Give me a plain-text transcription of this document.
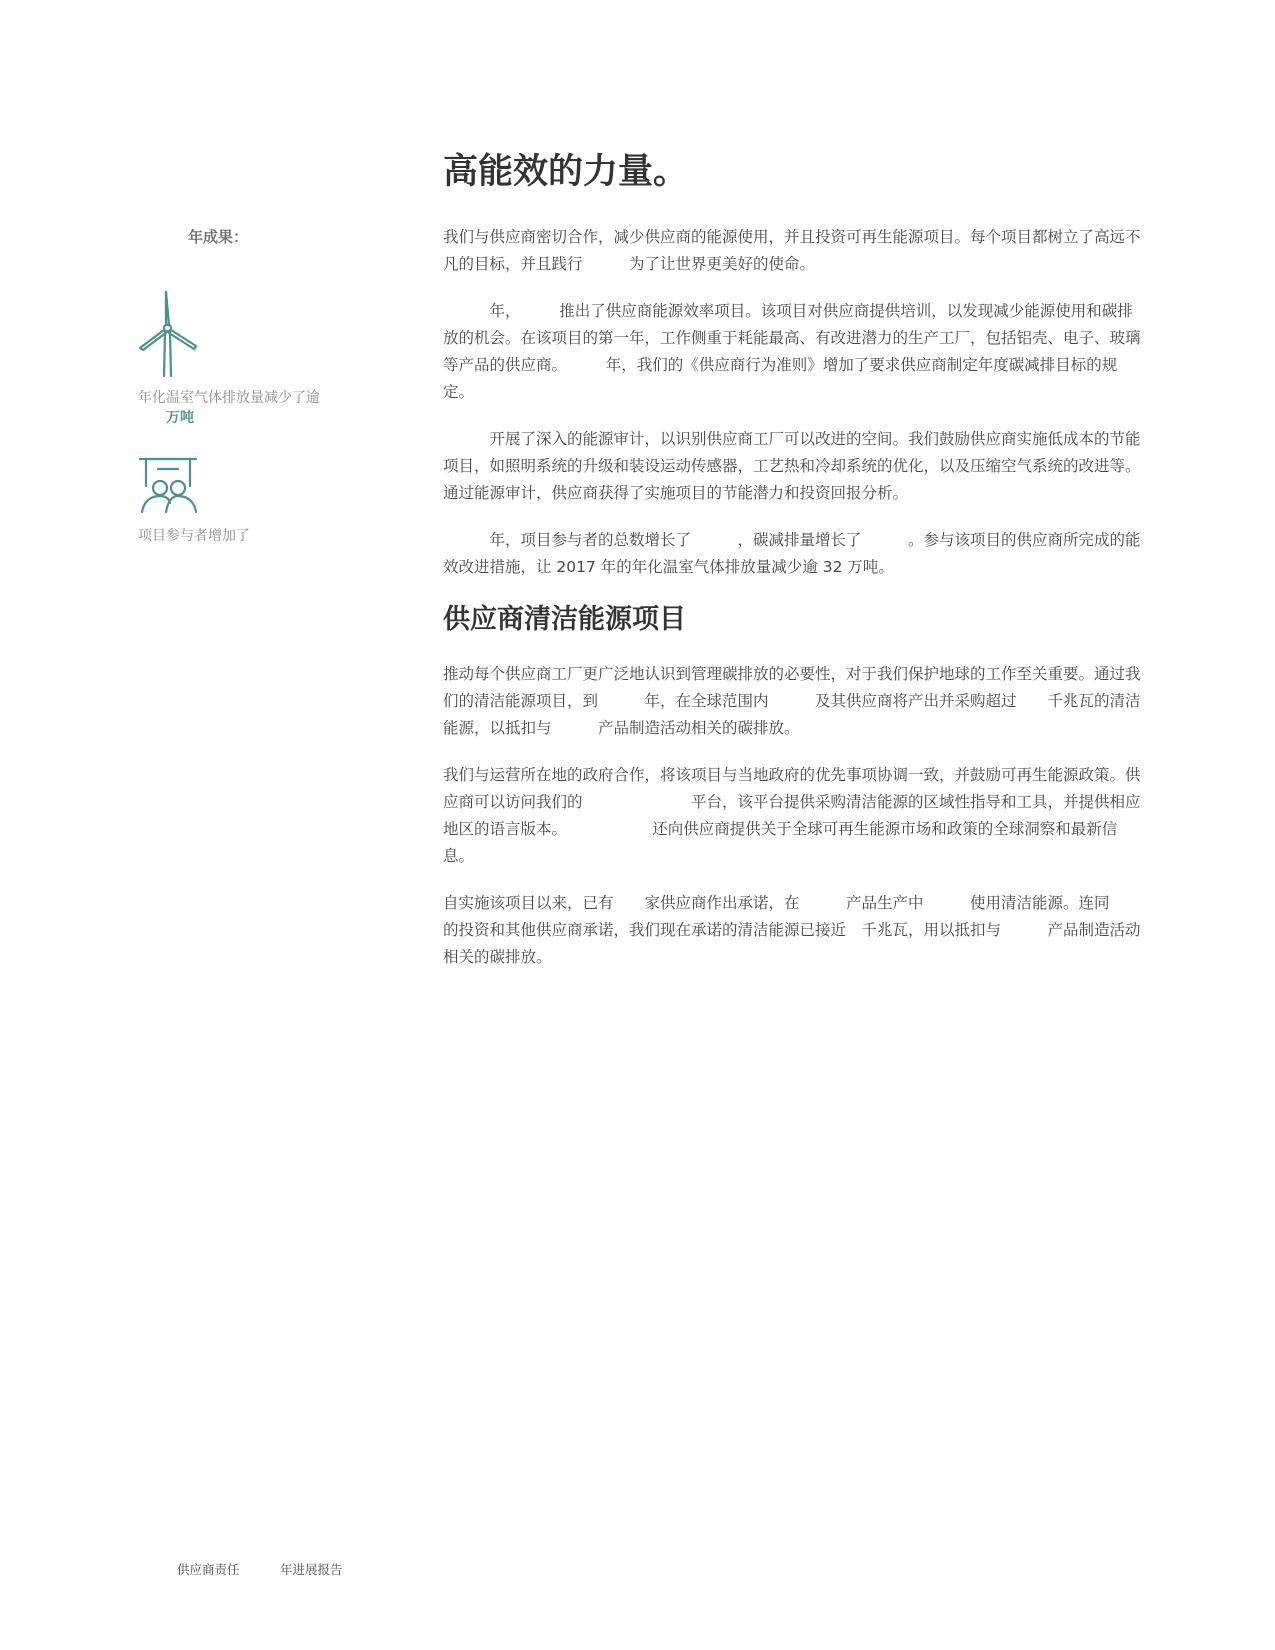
年成果：
年化温室气体排放量减少了逾
万吨
项目参与者增加了
高能效的力量。

我们与供应商密切合作，减少供应商的能源使用，并且投资可再生能源项目。每个项目都树立了高远不凡的目标，并且践行　　　为了让世界更美好的使命。

　　　年，　　　推出了供应商能源效率项目。该项目对供应商提供培训，以发现减少能源使用和碳排放的机会。在该项目的第一年，工作侧重于耗能最高、有改进潜力的生产工厂，包括铝壳、电子、玻璃等产品的供应商。　　　年，我们的《供应商行为准则》增加了要求供应商制定年度碳减排目标的规定。

　　　开展了深入的能源审计，以识别供应商工厂可以改进的空间。我们鼓励供应商实施低成本的节能项目，如照明系统的升级和装设运动传感器，工艺热和冷却系统的优化，以及压缩空气系统的改进等。通过能源审计，供应商获得了实施项目的节能潜力和投资回报分析。

　　　年，项目参与者的总数增长了　　　，碳减排量增长了　　　。参与该项目的供应商所完成的能效改进措施，让 2017 年的年化温室气体排放量减少逾 32 万吨。

供应商清洁能源项目

推动每个供应商工厂更广泛地认识到管理碳排放的必要性，对于我们保护地球的工作至关重要。通过我们的清洁能源项目，到　　　年，在全球范围内　　　及其供应商将产出并采购超过　　千兆瓦的清洁能源，以抵扣与　　　产品制造活动相关的碳排放。

我们与运营所在地的政府合作，将该项目与当地政府的优先事项协调一致，并鼓励可再生能源政策。供应商可以访问我们的　　　　　　　平台，该平台提供采购清洁能源的区域性指导和工具，并提供相应地区的语言版本。　　　　　　还向供应商提供关于全球可再生能源市场和政策的全球洞察和最新信息。

自实施该项目以来，已有　　家供应商作出承诺，在　　　产品生产中　　　使用清洁能源。连同　　　的投资和其他供应商承诺，我们现在承诺的清洁能源已接近　千兆瓦，用以抵扣与　　　产品制造活动相关的碳排放。

供应商责任
　	年进展报告
